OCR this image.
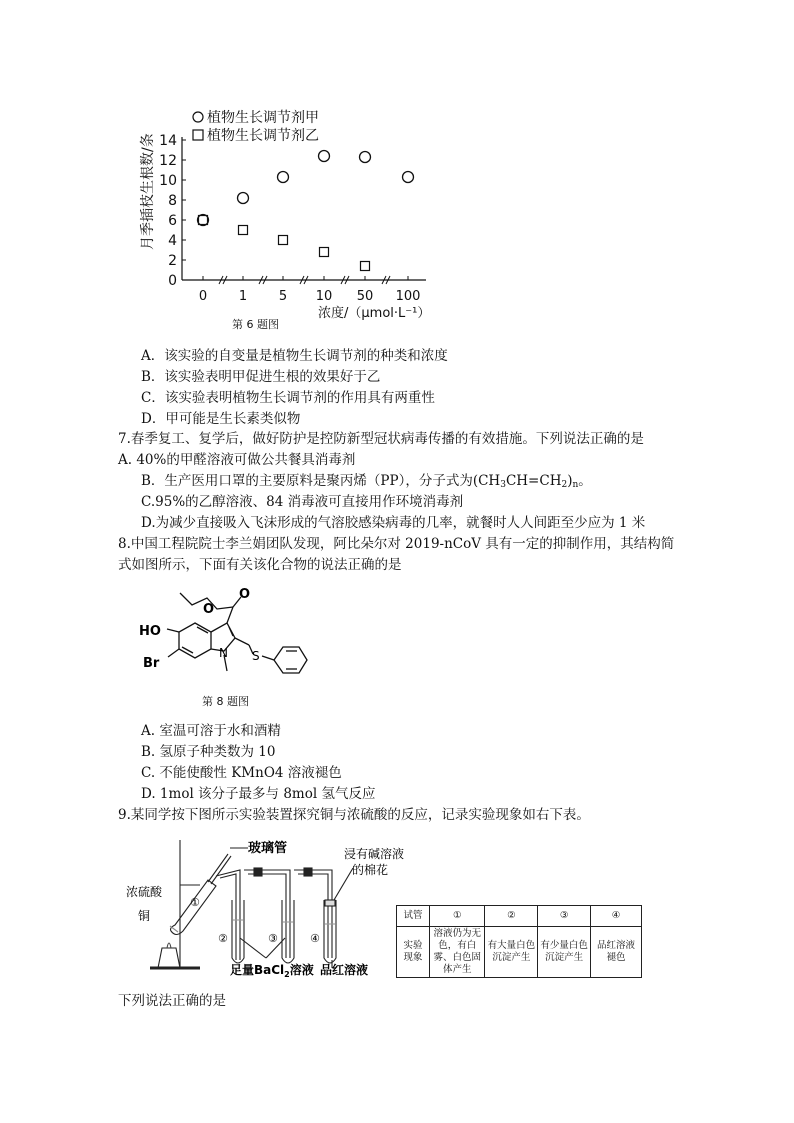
0
2
4
6
8
10
12
14
0 1 5 10 50 100
月季插枝生根数/条
浓度/（μmol·L⁻¹）
植物生长调节剂甲
植物生长调节剂乙
第 6 题图
A．该实验的自变量是植物生长调节剂的种类和浓度
B．该实验表明甲促进生根的效果好于乙
C．该实验表明植物生长调节剂的作用具有两重性
D．甲可能是生长素类似物
7.春季复工、复学后，做好防护是控防新型冠状病毒传播的有效措施。下列说法正确的是
A. 40%的甲醛溶液可做公共餐具消毒剂
B．生产医用口罩的主要原料是聚丙烯（PP），分子式为$(CH_3CH=CH_2)_n$。
C.95%的乙醇溶液、84 消毒液可直接用作环境消毒剂
D.为减少直接吸入飞沫形成的气溶胶感染病毒的几率，就餐时人人间距至少应为 1 米
8.中国工程院院士李兰娟团队发现，阿比朵尔对 2019-nCoV 具有一定的抑制作用，其结构简
式如图所示，下面有关该化合物的说法正确的是
O
O
HO
Br
N S
第 8 题图
A. 室温可溶于水和酒精
B. 氢原子种类数为 10
C. 不能使酸性 KMnO4 溶液褪色
D. 1mol 该分子最多与 8mol 氢气反应
9.某同学按下图所示实验装置探究铜与浓硫酸的反应，记录实验现象如右下表。
玻璃管
浓硫酸
铜
①
②	③	④
浸有碱溶液
的棉花
足量BaCl$_2$溶液 品红溶液
试管	①	②	③	④
实验现象	溶液仍为无色，有白雾、白色固体产生	有大量白色沉淀产生	有少量白色沉淀产生	品红溶液褪色
下列说法正确的是
